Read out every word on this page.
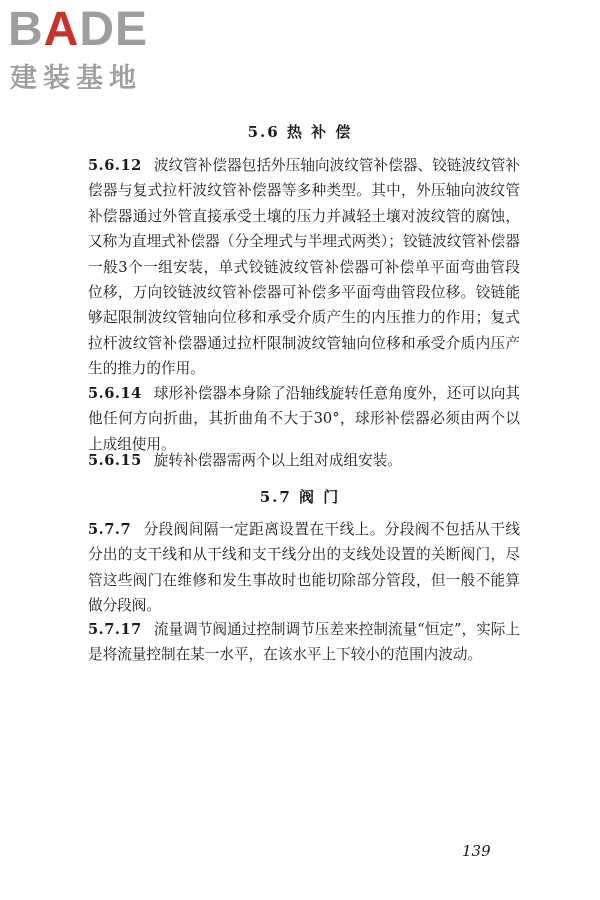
BADE
建装基地
5.6 热 补 偿

5.6.12 波纹管补偿器包括外压轴向波纹管补偿器、铰链波纹管补偿器与复式拉杆波纹管补偿器等多种类型。其中，外压轴向波纹管补偿器通过外管直接承受土壤的压力并减轻土壤对波纹管的腐蚀，又称为直埋式补偿器（分全埋式与半埋式两类）；铰链波纹管补偿器一般3个一组安装，单式铰链波纹管补偿器可补偿单平面弯曲管段位移，万向铰链波纹管补偿器可补偿多平面弯曲管段位移。铰链能够起限制波纹管轴向位移和承受介质产生的内压推力的作用；复式拉杆波纹管补偿器通过拉杆限制波纹管轴向位移和承受介质内压产生的推力的作用。

5.6.14 球形补偿器本身除了沿轴线旋转任意角度外，还可以向其他任何方向折曲，其折曲角不大于30°，球形补偿器必须由两个以上成组使用。

5.6.15 旋转补偿器需两个以上组对成组安装。

5.7 阀 门

5.7.7 分段阀间隔一定距离设置在干线上。分段阀不包括从干线分出的支干线和从干线和支干线分出的支线处设置的关断阀门，尽管这些阀门在维修和发生事故时也能切除部分管段，但一般不能算做分段阀。

5.7.17 流量调节阀通过控制调节压差来控制流量“恒定”，实际上是将流量控制在某一水平，在该水平上下较小的范围内波动。

139
